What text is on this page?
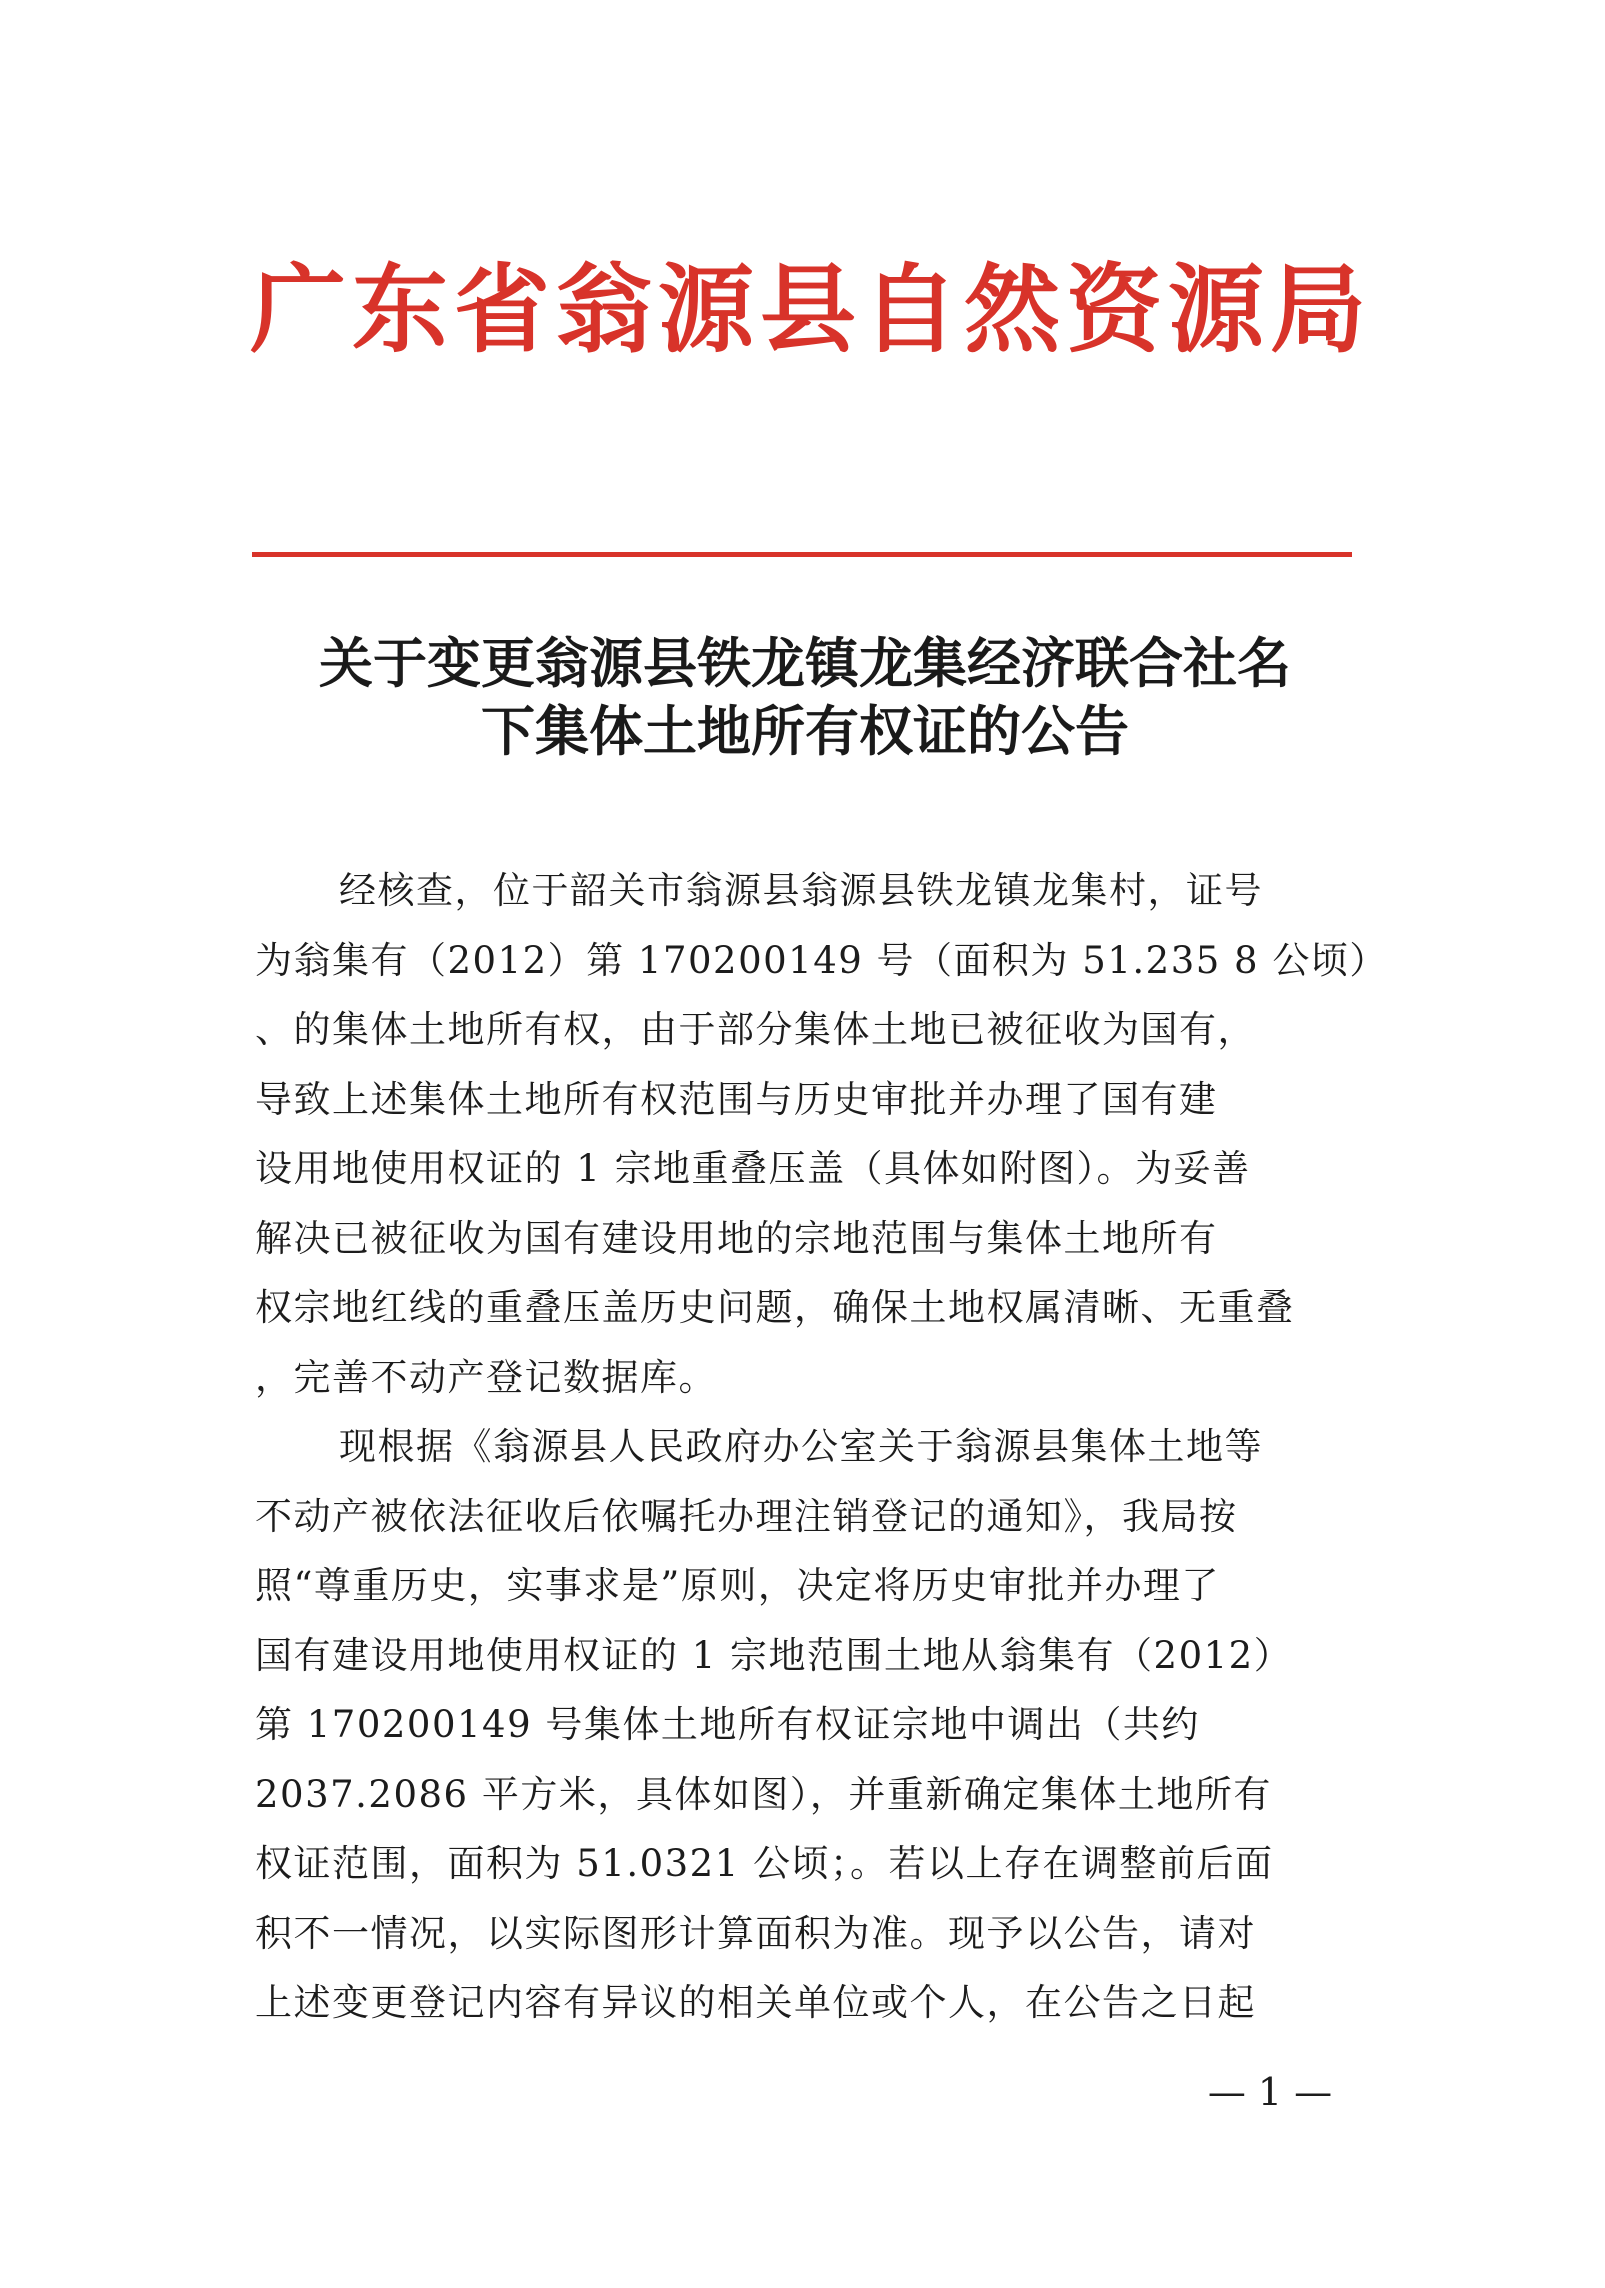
广东省翁源县自然资源局
关于变更翁源县铁龙镇龙集经济联合社名
下集体土地所有权证的公告
经核查，位于韶关市翁源县翁源县铁龙镇龙集村，证号
为翁集有（2012）第 170200149 号（面积为 51.235 8 公顷）
、的集体土地所有权，由于部分集体土地已被征收为国有，
导致上述集体土地所有权范围与历史审批并办理了国有建
设用地使用权证的 1 宗地重叠压盖（具体如附图）。为妥善
解决已被征收为国有建设用地的宗地范围与集体土地所有
权宗地红线的重叠压盖历史问题，确保土地权属清晰、无重叠
，完善不动产登记数据库。
现根据《翁源县人民政府办公室关于翁源县集体土地等
不动产被依法征收后依嘱托办理注销登记的通知》，我局按
照“尊重历史，实事求是”原则，决定将历史审批并办理了
国有建设用地使用权证的 1 宗地范围土地从翁集有（2012）
第 170200149 号集体土地所有权证宗地中调出（共约
2037.2086 平方米，具体如图），并重新确定集体土地所有
权证范围，面积为 51.0321 公顷；。若以上存在调整前后面
积不一情况，以实际图形计算面积为准。现予以公告，请对
上述变更登记内容有异议的相关单位或个人，在公告之日起
— 1 —
